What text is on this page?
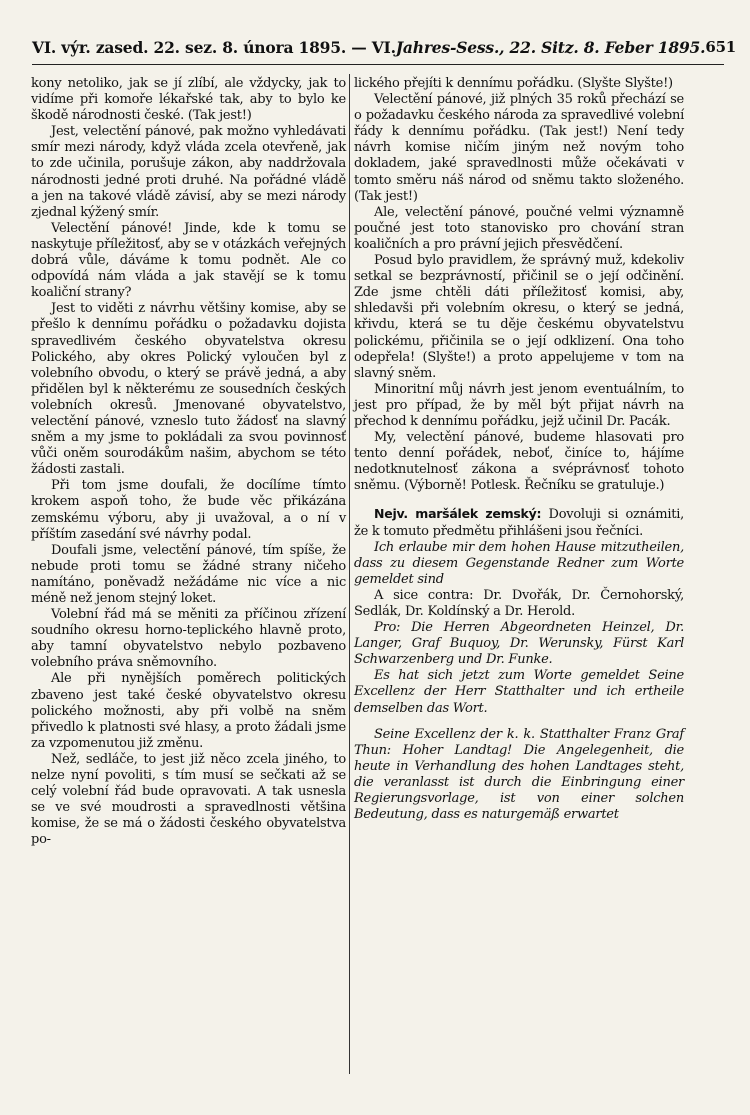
VI. výr. zased. 22. sez. 8. února 1895. — VI. Jahres-Sess., 22. Sitz. 8. Feber 1895. 651

kony netoliko, jak se jí zlíbí, ale vždycky, jak to vidíme při komoře lékařské tak, aby to bylo ke škodě národnosti české. (Tak jest!)

Jest, velectění pánové, pak možno vyhledávati smír mezi národy, když vláda zcela otevřeně, jak to zde učinila, porušuje zákon, aby naddržovala národnosti jedné proti druhé. Na pořádné vládě a jen na takové vládě závisí, aby se mezi národy zjednal kýžený smír.

Velectění pánové! Jinde, kde k tomu se naskytuje příležitosť, aby se v otázkách veřejných dobrá vůle, dáváme k tomu podnět. Ale co odpovídá nám vláda a jak stavějí se k tomu koaliční strany?

Jest to viděti z návrhu většiny komise, aby se přešlo k dennímu pořádku o požadavku dojista spravedlivém českého obyvatelstva okresu Polického, aby okres Polický vyloučen byl z volebního obvodu, o který se právě jedná, a aby přidělen byl k některému ze sousedních českých volebních okresů. Jmenované obyvatelstvo, velectění pánové, vzneslo tuto žádosť na slavný sněm a my jsme to pokládali za svou povinnosť vůči oněm sourodákům našim, abychom se této žádosti zastali.

Při tom jsme doufali, že docílíme tímto krokem aspoň toho, že bude věc přikázána zemskému výboru, aby ji uvažoval, a o ní v příštím zasedání své návrhy podal.

Doufali jsme, velectění pánové, tím spíše, že nebude proti tomu se žádné strany ničeho namítáno, poněvadž nežádáme nic více a nic méně než jenom stejný loket.

Volební řád má se měniti za příčinou zřízení soudního okresu horno-teplického hlavně proto, aby tamní obyvatelstvo nebylo pozbaveno volebního práva sněmovního.

Ale při nynějších poměrech politických zbaveno jest také české obyvatelstvo okresu polického možnosti, aby při volbě na sněm přivedlo k platnosti své hlasy, a proto žádali jsme za vzpomenutou již změnu.

Než, sedláče, to jest již něco zcela jiného, to nelze nyní povoliti, s tím musí se sečkati až se celý volební řád bude opravovati. A tak usnesla se ve své moudrosti a spravedlnosti většina komise, že se má o žádosti českého obyvatelstva po-

lického přejíti k dennímu pořádku. (Slyšte Slyšte!)

Velectění pánové, již plných 35 roků přechází se o požadavku českého národa za spravedlivé volební řády k dennímu pořádku. (Tak jest!) Není tedy návrh komise ničím jiným než novým toho dokladem, jaké spravedlnosti může očekávati v tomto směru náš národ od sněmu takto složeného. (Tak jest!)

Ale, velectění pánové, poučné velmi významně poučné jest toto stanovisko pro chování stran koaličních a pro právní jejich přesvědčení.

Posud bylo pravidlem, že správný muž, kdekoliv setkal se bezprávností, přičinil se o její odčinění. Zde jsme chtěli dáti příležitosť komisi, aby, shledavši při volebním okresu, o který se jedná, křivdu, která se tu děje českému obyvatelstvu polickému, přičinila se o její odklizení. Ona toho odepřela! (Slyšte!) a proto appelujeme v tom na slavný sněm.

Minoritní můj návrh jest jenom eventuálním, to jest pro případ, že by měl být přijat návrh na přechod k dennímu pořádku, jejž učinil Dr. Pacák.

My, velectění pánové, budeme hlasovati pro tento denní pořádek, neboť, činíce to, hájíme nedotknutelnosť zákona a svéprávnosť tohoto sněmu. (Výborně! Potlesk. Řečníku se gratuluje.)

Nejv. maršálek zemský: Dovoluji si oznámiti, že k tomuto předmětu přihlášeni jsou řečníci.

Ich erlaube mir dem hohen Hause mitzutheilen, dass zu diesem Gegenstande Redner zum Worte gemeldet sind

A sice contra: Dr. Dvořák, Dr. Černohorský, Sedlák, Dr. Koldínský a Dr. Herold.

Pro: Die Herren Abgeordneten Heinzel, Dr. Langer, Graf Buquoy, Dr. Werunsky, Fürst Karl Schwarzenberg und Dr. Funke.

Es hat sich jetzt zum Worte gemeldet Seine Excellenz der Herr Statthalter und ich ertheile demselben das Wort.

Seine Excellenz der k. k. Statthalter Franz Graf Thun: Hoher Landtag! Die Angelegenheit, die heute in Verhandlung des hohen Landtages steht, die veranlasst ist durch die Einbringung einer Regierungsvorlage, ist von einer solchen Bedeutung, dass es naturgemäß erwartet
